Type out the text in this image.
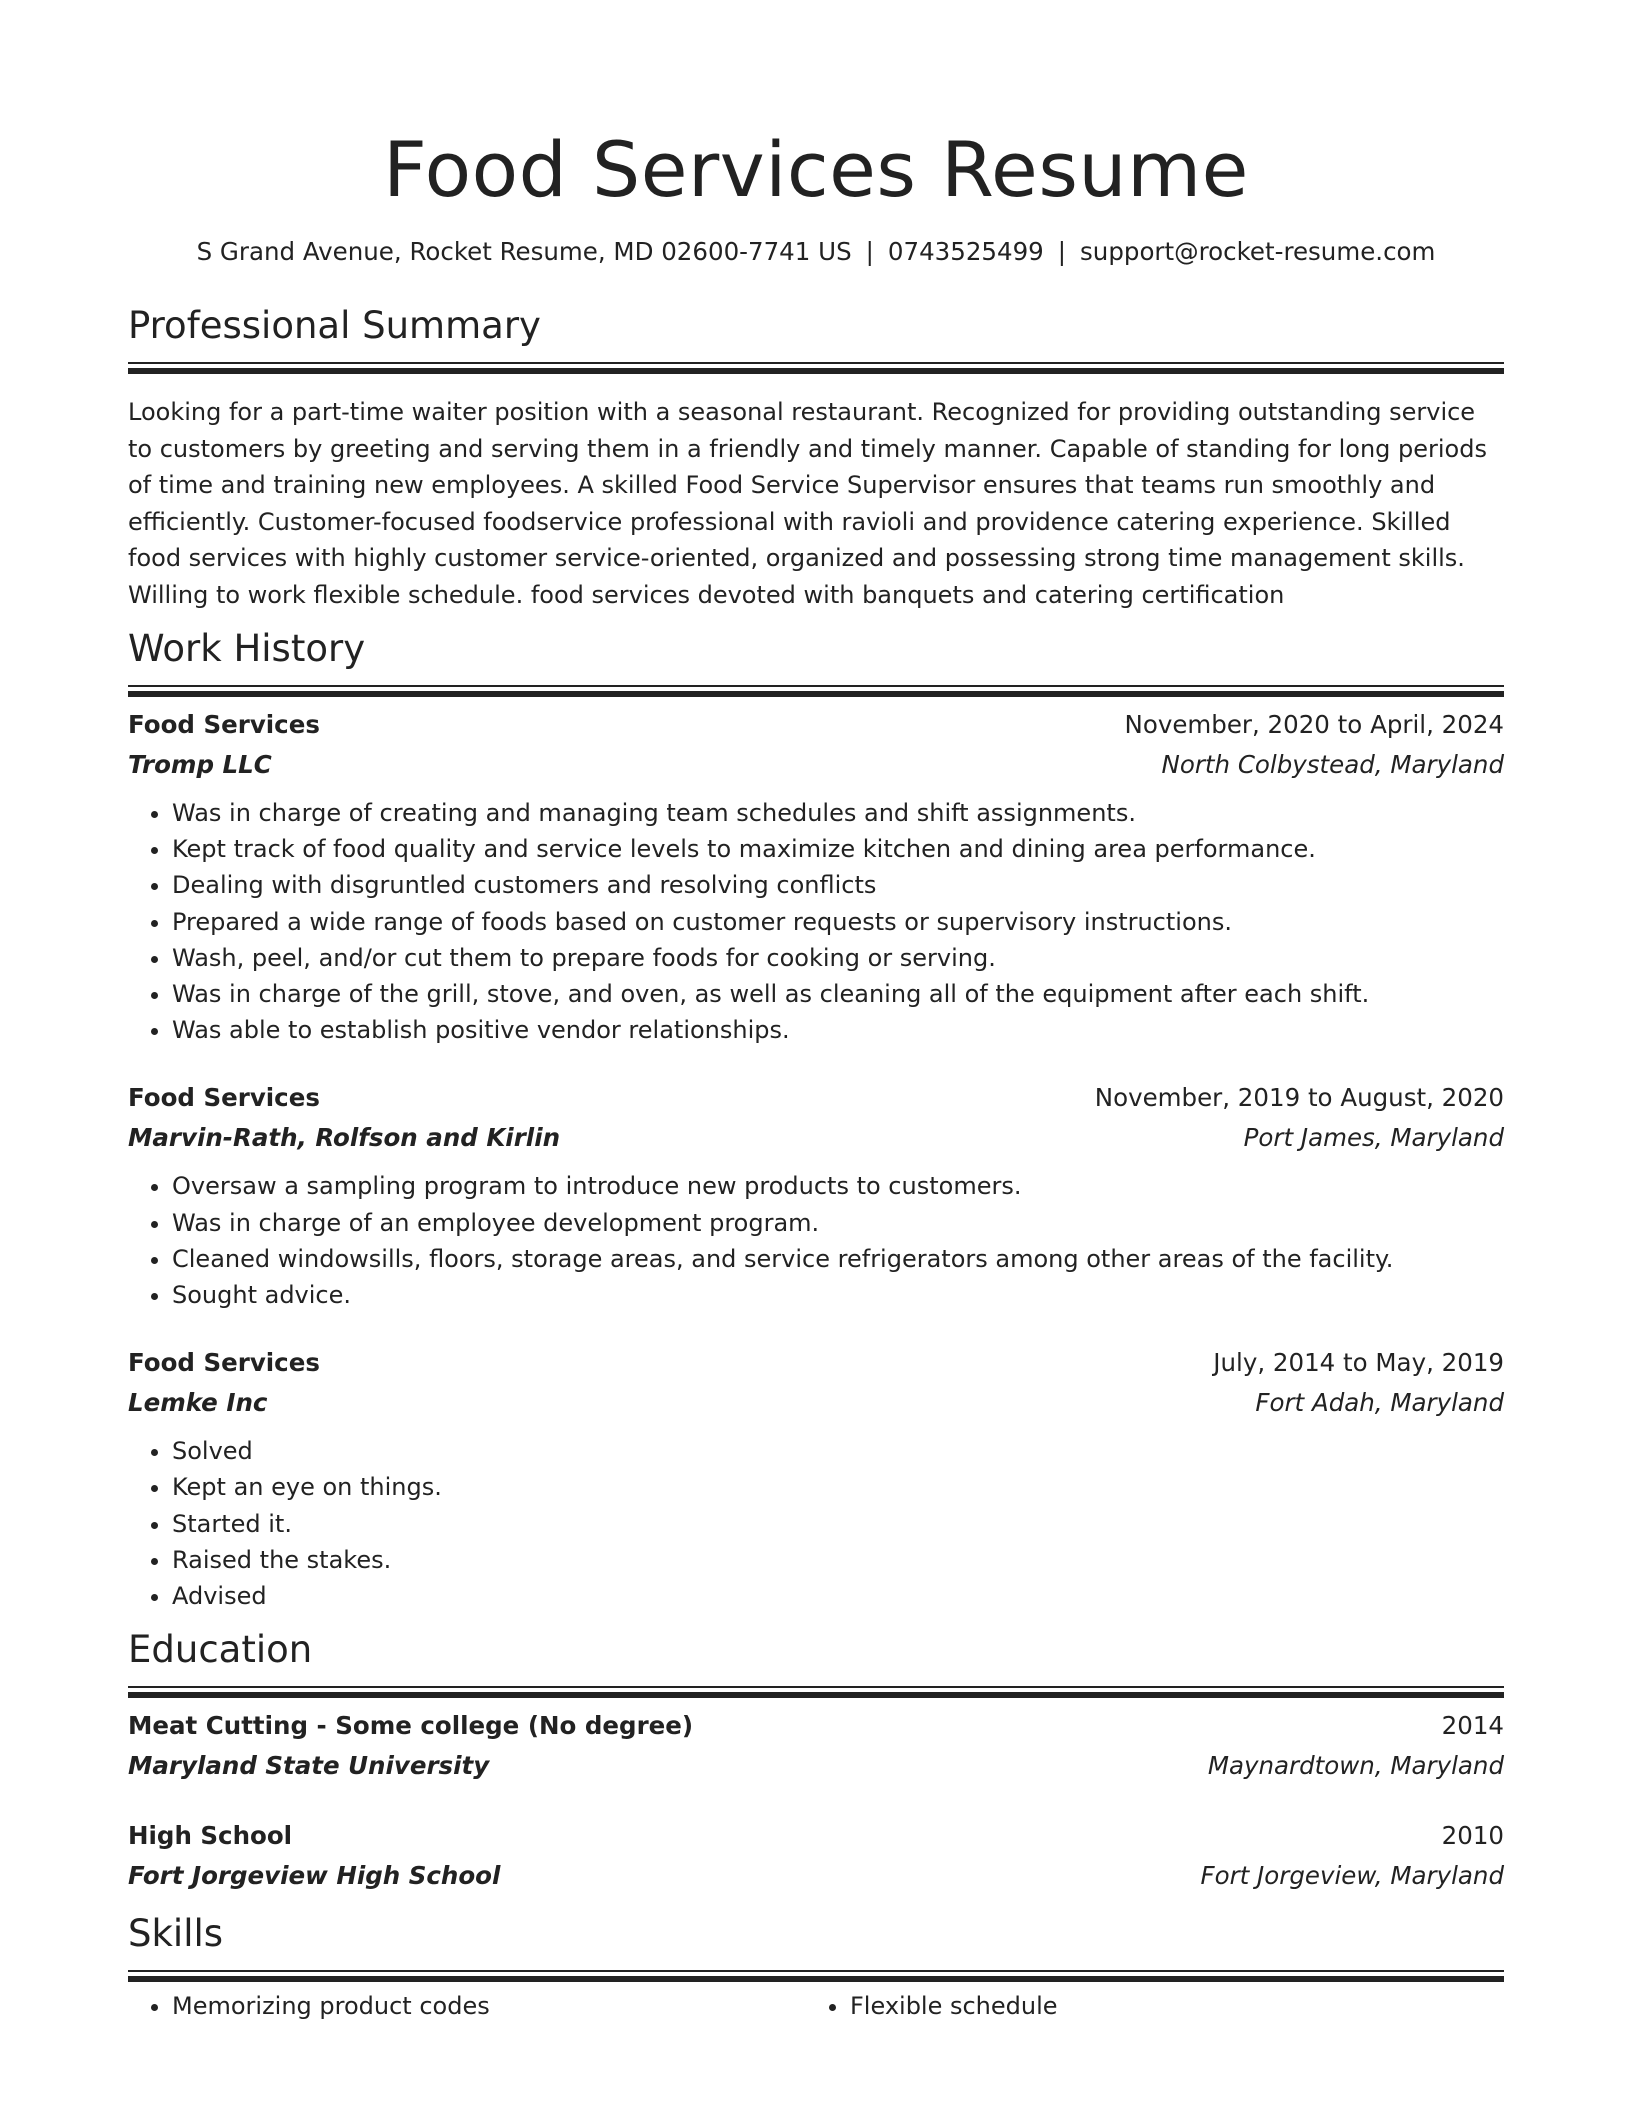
Food Services Resume
S Grand Avenue, Rocket Resume, MD 02600-7741 US | 0743525499 | support@rocket-resume.com
Professional Summary
Looking for a part-time waiter position with a seasonal restaurant. Recognized for providing outstanding service to customers by greeting and serving them in a friendly and timely manner. Capable of standing for long periods of time and training new employees. A skilled Food Service Supervisor ensures that teams run smoothly and efficiently. Customer-focused foodservice professional with ravioli and providence catering experience. Skilled food services with highly customer service-oriented, organized and possessing strong time management skills. Willing to work flexible schedule. food services devoted with banquets and catering certification
Work History
Food Services	November, 2020 to April, 2024
Tromp LLC	North Colbystead, Maryland
• Was in charge of creating and managing team schedules and shift assignments.
• Kept track of food quality and service levels to maximize kitchen and dining area performance.
• Dealing with disgruntled customers and resolving conflicts
• Prepared a wide range of foods based on customer requests or supervisory instructions.
• Wash, peel, and/or cut them to prepare foods for cooking or serving.
• Was in charge of the grill, stove, and oven, as well as cleaning all of the equipment after each shift.
• Was able to establish positive vendor relationships.
Food Services	November, 2019 to August, 2020
Marvin-Rath, Rolfson and Kirlin	Port James, Maryland
• Oversaw a sampling program to introduce new products to customers.
• Was in charge of an employee development program.
• Cleaned windowsills, floors, storage areas, and service refrigerators among other areas of the facility.
• Sought advice.
Food Services	July, 2014 to May, 2019
Lemke Inc	Fort Adah, Maryland
• Solved
• Kept an eye on things.
• Started it.
• Raised the stakes.
• Advised
Education
Meat Cutting - Some college (No degree)	2014
Maryland State University	Maynardtown, Maryland
High School	2010
Fort Jorgeview High School	Fort Jorgeview, Maryland
Skills
• Memorizing product codes
•	Flexible schedule
